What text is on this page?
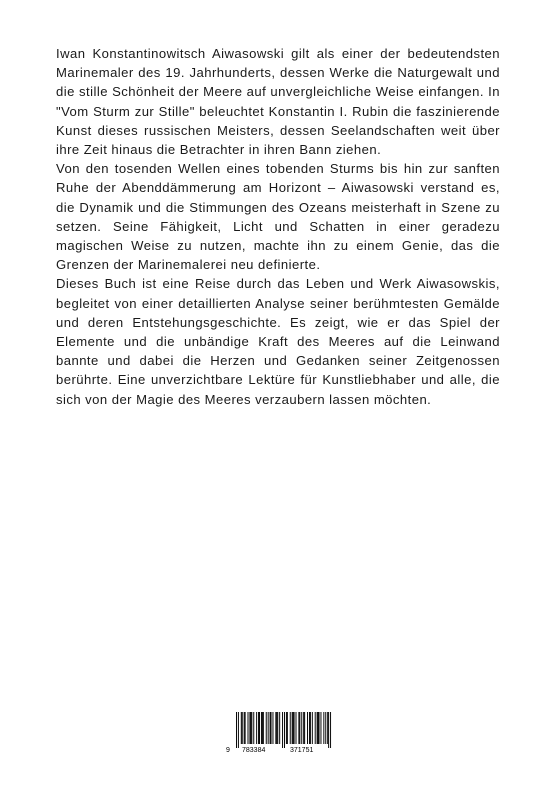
Iwan Konstantinowitsch Aiwasowski gilt als einer der bedeutendsten Marinemaler des 19. Jahrhunderts, dessen Werke die Naturgewalt und die stille Schönheit der Meere auf unvergleichliche Weise einfangen. In "Vom Sturm zur Stille" beleuchtet Konstantin I. Rubin die faszinierende Kunst dieses russischen Meisters, dessen Seelandschaften weit über ihre Zeit hinaus die Betrachter in ihren Bann ziehen.

Von den tosenden Wellen eines tobenden Sturms bis hin zur sanften Ruhe der Abenddämmerung am Horizont – Aiwasowski verstand es, die Dynamik und die Stimmungen des Ozeans meisterhaft in Szene zu setzen. Seine Fähigkeit, Licht und Schatten in einer geradezu magischen Weise zu nutzen, machte ihn zu einem Genie, das die Grenzen der Marinemalerei neu definierte.

Dieses Buch ist eine Reise durch das Leben und Werk Aiwasowskis, begleitet von einer detaillierten Analyse seiner berühmtesten Gemälde und deren Entstehungsgeschichte. Es zeigt, wie er das Spiel der Elemente und die unbändige Kraft des Meeres auf die Leinwand bannte und dabei die Herzen und Gedanken seiner Zeitgenossen berührte. Eine unverzichtbare Lektüre für Kunstliebhaber und alle, die sich von der Magie des Meeres verzaubern lassen möchten.

9 783384	371751
